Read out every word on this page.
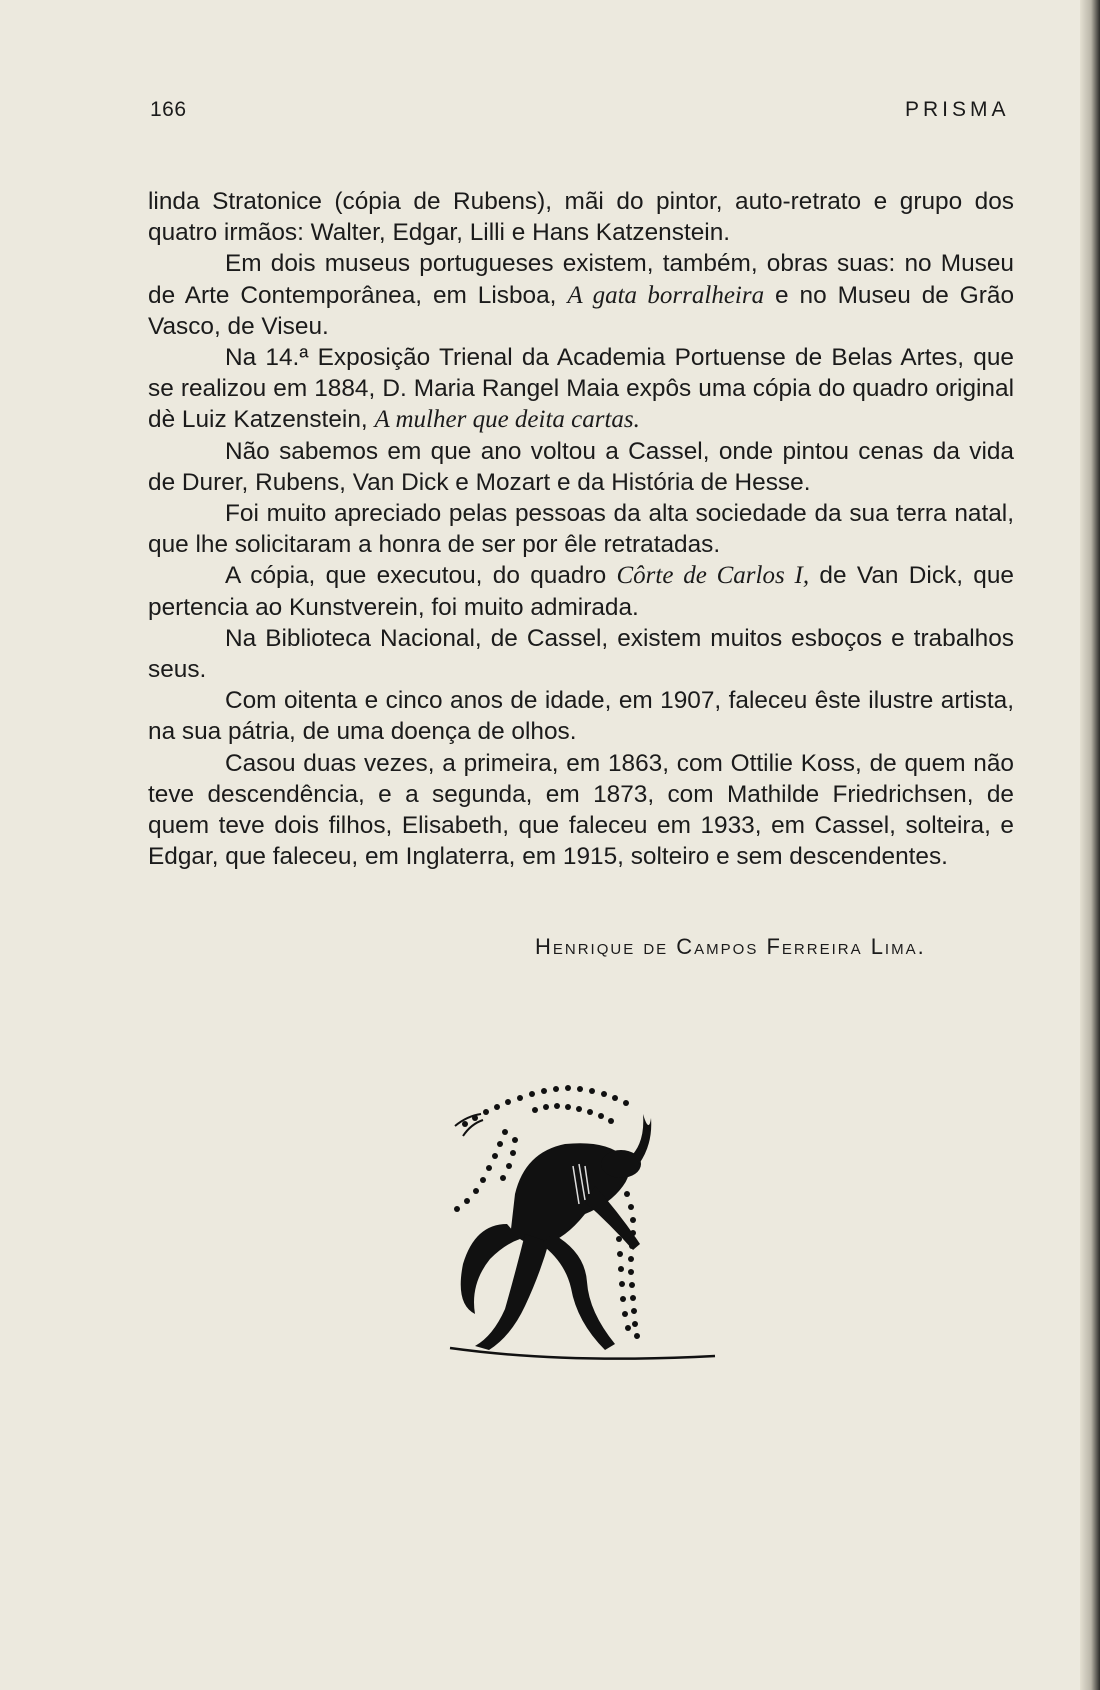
166	PRISMA

linda Stratonice (cópia de Rubens), mãi do pintor, auto-retrato e grupo dos quatro irmãos: Walter, Edgar, Lilli e Hans Katzenstein.

Em dois museus portugueses existem, também, obras suas: no Museu de Arte Contemporânea, em Lisboa, A gata borralheira e no Museu de Grão Vasco, de Viseu.

Na 14.ª Exposição Trienal da Academia Portuense de Belas Artes, que se realizou em 1884, D. Maria Rangel Maia expôs uma cópia do quadro original dè Luiz Katzenstein, A mulher que deita cartas.

Não sabemos em que ano voltou a Cassel, onde pintou cenas da vida de Durer, Rubens, Van Dick e Mozart e da História de Hesse.

Foi muito apreciado pelas pessoas da alta sociedade da sua terra natal, que lhe solicitaram a honra de ser por êle retratadas.

A cópia, que executou, do quadro Côrte de Carlos I, de Van Dick, que pertencia ao Kunstverein, foi muito admirada.

Na Biblioteca Nacional, de Cassel, existem muitos esboços e trabalhos seus.

Com oitenta e cinco anos de idade, em 1907, faleceu êste ilustre artista, na sua pátria, de uma doença de olhos.

Casou duas vezes, a primeira, em 1863, com Ottilie Koss, de quem não teve descendência, e a segunda, em 1873, com Mathilde Friedrichsen, de quem teve dois filhos, Elisabeth, que faleceu em 1933, em Cassel, solteira, e Edgar, que faleceu, em Inglaterra, em 1915, solteiro e sem descendentes.

Henrique de Campos Ferreira Lima.
